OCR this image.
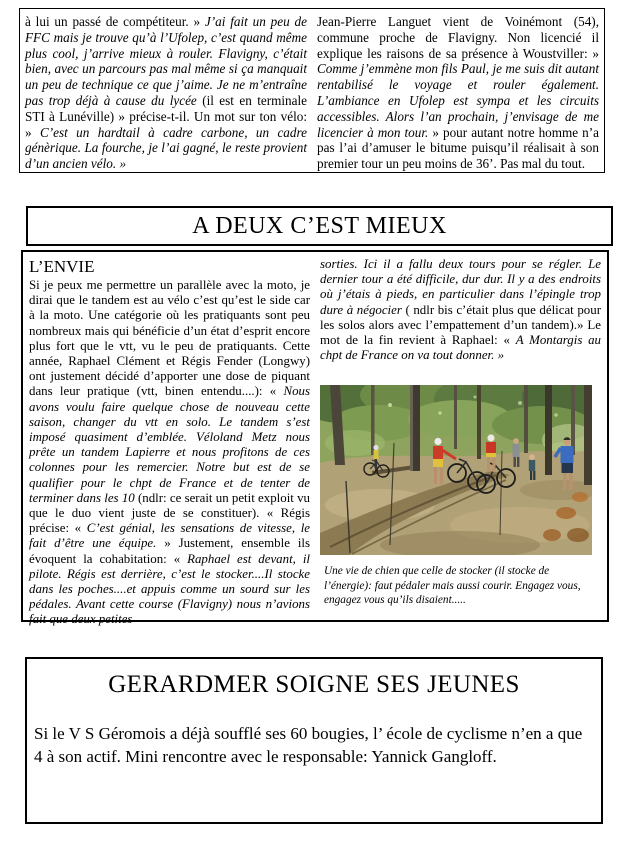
à lui un passé de compétiteur. » J’ai fait un peu de FFC mais je trouve qu’à l’Ufolep, c’est quand même plus cool, j’arrive mieux à rouler. Flavigny, c’était bien, avec un parcours pas mal même si ça manquait un peu de technique ce que j’aime. Je ne m’entraîne pas trop déjà à cause du lycée (il est en terminale STI à Lunéville) » précise-t-il. Un mot sur ton vélo: » C’est un hardtail à cadre carbone, un cadre génèrique. La fourche, je l’ai gagné, le reste provient d’un ancien vélo. »

Jean-Pierre Languet vient de Voinémont (54), commune proche de Flavigny. Non licencié il explique les raisons de sa présence à Woustviller: » Comme j’emmène mon fils Paul, je me suis dit autant rentabilisé le voyage et rouler également. L’ambiance en Ufolep est sympa et les circuits accessibles. Alors l’an prochain, j’envisage de me licencier à mon tour. » pour autant notre homme n’a pas l’ai d’amuser le bitume puisqu’il réalisait à son premier tour un peu moins de 36’. Pas mal du tout.

A DEUX C’EST MIEUX
L’ENVIE

Si je peux me permettre un parallèle avec la moto, je dirai que le tandem est au vélo c’est qu’est le side car à la moto. Une catégorie où les pratiquants sont peu nombreux mais qui bénéficie d’un état d’esprit encore plus fort que le vtt, vu le peu de pratiquants. Cette année, Raphael Clément et Régis Fender (Longwy) ont justement décidé d’apporter une dose de piquant dans leur pratique (vtt, binen entendu....): « Nous avons voulu faire quelque chose de nouveau cette saison, changer du vtt en solo. Le tandem s’est imposé quasiment d’emblée. Véloland Metz nous prête un tandem Lapierre et nous profitons de ces colonnes pour les remercier. Notre but est de se qualifier pour le chpt de France et de tenter de terminer dans les 10 (ndlr: ce serait un petit exploit vu que le duo vient juste de se constituer). « Régis précise: « C’est génial, les sensations de vitesse, le fait d’être une équipe. » Justement, ensemble ils évoquent la cohabitation: « Raphael est devant, il pilote. Régis est derrière, c’est le stocker....Il stocke dans les poches....et appuis comme un sourd sur les pédales. Avant cette course (Flavigny) nous n’avions fait que deux petites

sorties. Ici il a fallu deux tours pour se régler. Le dernier tour a été difficile, dur dur. Il y a des endroits où j’étais à pieds, en particulier dans l’épingle trop dure à négocier ( ndlr bis c’était plus que délicat pour les solos alors avec l’empattement d’un tandem).» Le mot de la fin revient à Raphael: « A Montargis au chpt de France on va tout donner. »

Une vie de chien que celle de stocker (il stocke de l’énergie): faut pédaler mais aussi courir. Engagez vous, engagez vous qu’ils disaient.....
GERARDMER SOIGNE SES JEUNES

Si le V S Géromois a déjà soufflé ses 60 bougies, l’ école de cyclisme n’en a que 4 à son actif. Mini rencontre avec le responsable: Yannick Gangloff.
